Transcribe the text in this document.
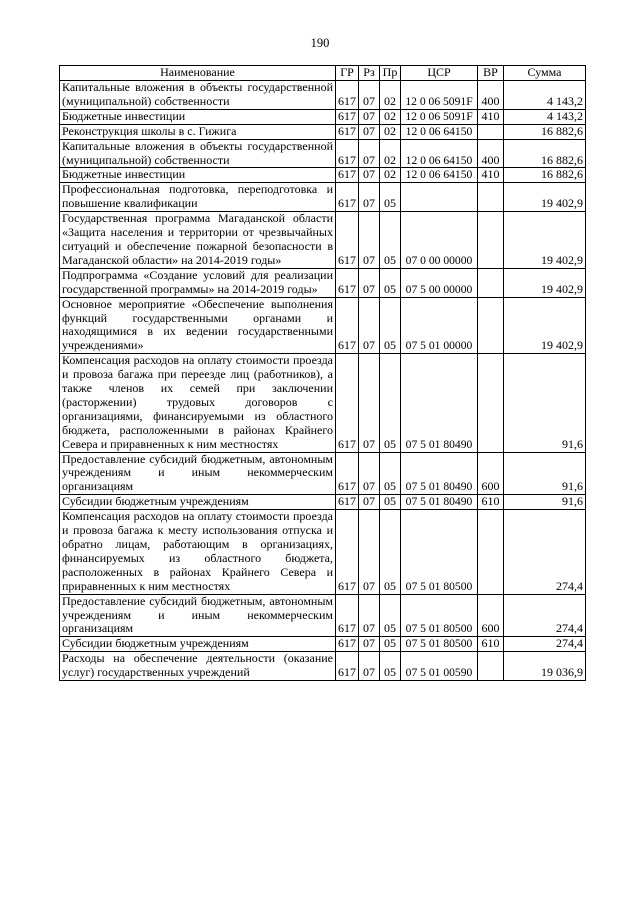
190
Наименование	ГР	Рз	Пр	ЦСР	ВР	Сумма
Капитальные вложения в объекты государственной (муниципальной) собственности	617	07	02	12 0 06 5091F	400	4 143,2
Бюджетные инвестиции	617	07	02	12 0 06 5091F	410	4 143,2
Реконструкция школы в с. Гижига	617	07	02	12 0 06 64150		16 882,6
Капитальные вложения в объекты государственной (муниципальной) собственности	617	07	02	12 0 06 64150	400	16 882,6
Бюджетные инвестиции	617	07	02	12 0 06 64150	410	16 882,6
Профессиональная подготовка, переподготовка и повышение квалификации	617	07	05			19 402,9
Государственная программа Магаданской области «Защита населения и территории от чрезвычайных ситуаций и обеспечение пожарной безопасности в Магаданской области» на 2014-2019 годы»	617	07	05	07 0 00 00000		19 402,9
Подпрограмма «Создание условий для реализации государственной программы» на 2014-2019 годы»	617	07	05	07 5 00 00000		19 402,9
Основное мероприятие «Обеспечение выполнения функций государственными органами и находящимися в их ведении государственными учреждениями»	617	07	05	07 5 01 00000		19 402,9
Компенсация расходов на оплату стоимости проезда и провоза багажа при переезде лиц (работников), а также членов их семей при заключении (расторжении) трудовых договоров с организациями, финансируемыми из областного бюджета, расположенными в районах Крайнего Севера и приравненных к ним местностях	617	07	05	07 5 01 80490		91,6
Предоставление субсидий бюджетным, автономным учреждениям и иным некоммерческим организациям	617	07	05	07 5 01 80490	600	91,6
Субсидии бюджетным учреждениям	617	07	05	07 5 01 80490	610	91,6
Компенсация расходов на оплату стоимости проезда и провоза багажа к месту использования отпуска и обратно лицам, работающим в организациях, финансируемых из областного бюджета, расположенных в районах Крайнего Севера и приравненных к ним местностях	617	07	05	07 5 01 80500		274,4
Предоставление субсидий бюджетным, автономным учреждениям и иным некоммерческим организациям	617	07	05	07 5 01 80500	600	274,4
Субсидии бюджетным учреждениям	617	07	05	07 5 01 80500	610	274,4
Расходы на обеспечение деятельности (оказание услуг) государственных учреждений	617	07	05	07 5 01 00590		19 036,9
